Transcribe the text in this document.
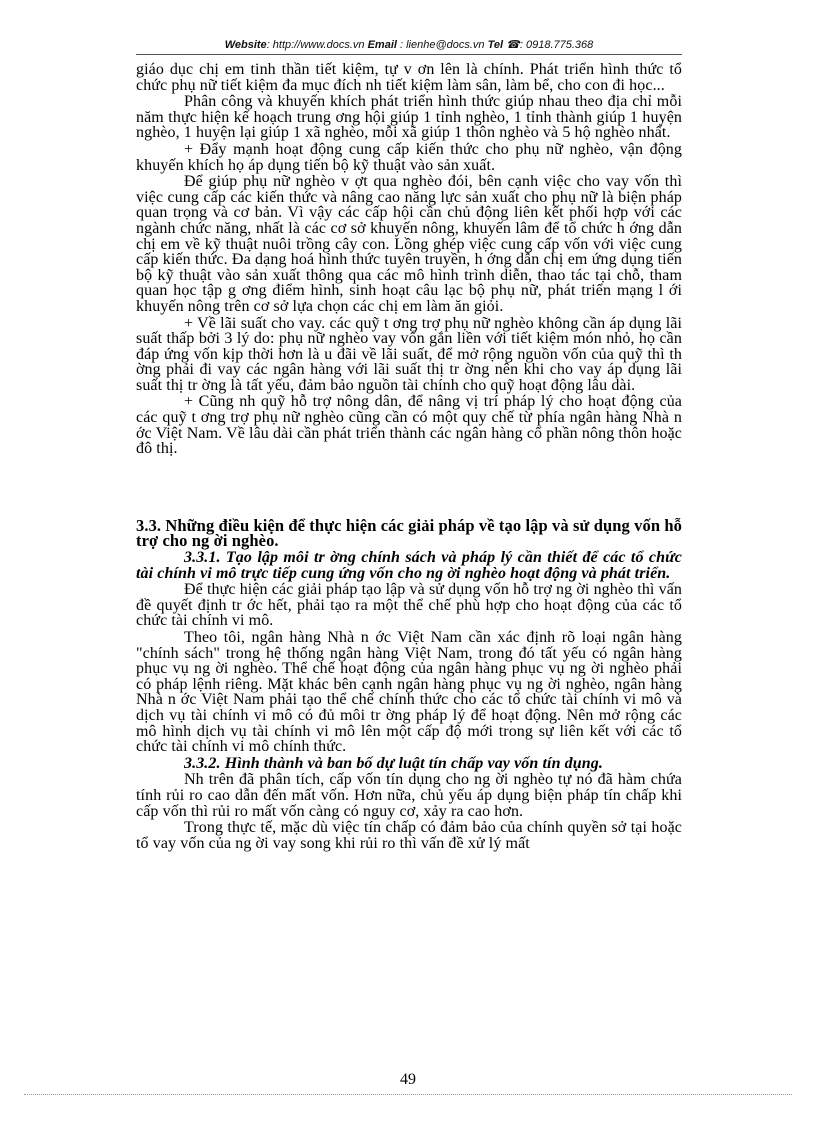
Website: http://www.docs.vn Email : lienhe@docs.vn Tel ☎: 0918.775.368

giáo dục chị em tinh thần tiết kiệm, tự v ơn lên là chính. Phát triển hình thức tổ chức phụ nữ tiết kiệm đa mục đích nh tiết kiệm làm sân, làm bể, cho con đi học...

Phân công và khuyến khích phát triển hình thức giúp nhau theo địa chỉ mỗi năm thực hiện kế hoạch trung ơng hội giúp 1 tỉnh nghèo, 1 tỉnh thành giúp 1 huyện nghèo, 1 huyện lại giúp 1 xã nghèo, mỗi xã giúp 1 thôn nghèo và 5 hộ nghèo nhất.

+ Đẩy mạnh hoạt động cung cấp kiến thức cho phụ nữ nghèo, vận động khuyến khích họ áp dụng tiến bộ kỹ thuật vào sản xuất.

Để giúp phụ nữ nghèo v ợt qua nghèo đói, bên cạnh việc cho vay vốn thì việc cung cấp các kiến thức và nâng cao năng lực sản xuất cho phụ nữ là biện pháp quan trọng và cơ bản. Vì vậy các cấp hội cần chủ động liên kết phối hợp với các ngành chức năng, nhất là các cơ sở khuyến nông, khuyến lâm để tổ chức h ớng dẫn chị em về kỹ thuật nuôi trồng cây con. Lồng ghép việc cung cấp vốn với việc cung cấp kiến thức. Đa dạng hoá hình thức tuyên truyền, h ớng dẫn chị em ứng dụng tiến bộ kỹ thuật vào sản xuất thông qua các mô hình trình diễn, thao tác tại chỗ, tham quan học tập g ơng điểm hình, sinh hoạt câu lạc bộ phụ nữ, phát triển mạng l ới khuyến nông trên cơ sở lựa chọn các chị em làm ăn giỏi.

+ Về lãi suất cho vay. các quỹ t ơng trợ phụ nữ nghèo không cần áp dụng lãi suất thấp bởi 3 lý do: phụ nữ nghèo vay vốn gắn liền với tiết kiệm món nhỏ, họ cần đáp ứng vốn kịp thời hơn là u đãi về lãi suất, để mở rộng nguồn vốn của quỹ thì th ờng phải đi vay các ngân hàng với lãi suất thị tr ờng nên khi cho vay áp dụng lãi suất thị tr ờng là tất yếu, đảm bảo nguồn tài chính cho quỹ hoạt động lâu dài.

+ Cũng nh quỹ hỗ trợ nông dân, để nâng vị trí pháp lý cho hoạt động của các quỹ t ơng trợ phụ nữ nghèo cũng cần có một quy chế từ phía ngân hàng Nhà n ớc Việt Nam. Về lâu dài cần phát triển thành các ngân hàng cổ phần nông thôn hoặc đô thị.

3.3. Những điều kiện để thực hiện các giải pháp về tạo lập và sử dụng vốn hỗ trợ cho ng ời nghèo.

3.3.1. Tạo lập môi tr ờng chính sách và pháp lý cần thiết để các tổ chức tài chính vi mô trực tiếp cung ứng vốn cho ng ời nghèo hoạt động và phát triển.

Để thực hiện các giải pháp tạo lập và sử dụng vốn hỗ trợ ng ời nghèo thì vấn đề quyết định tr ớc hết, phải tạo ra một thể chế phù hợp cho hoạt động của các tổ chức tài chính vi mô.

Theo tôi, ngân hàng Nhà n ớc Việt Nam cần xác định rõ loại ngân hàng "chính sách" trong hệ thống ngân hàng Việt Nam, trong đó tất yếu có ngân hàng phục vụ ng ời nghèo. Thể chế hoạt động của ngân hàng phục vụ ng ời nghèo phải có pháp lệnh riêng. Mặt khác bên cạnh ngân hàng phục vụ ng ời nghèo, ngân hàng Nhà n ớc Việt Nam phải tạo thể chế chính thức cho các tổ chức tài chính vi mô và dịch vụ tài chính vi mô có đủ môi tr ờng pháp lý để hoạt động. Nên mở rộng các mô hình dịch vụ tài chính vi mô lên một cấp độ mới trong sự liên kết với các tổ chức tài chính vi mô chính thức.

3.3.2. Hình thành và ban bố dự luật tín chấp vay vốn tín dụng.

Nh trên đã phân tích, cấp vốn tín dụng cho ng ời nghèo tự nó đã hàm chứa tính rủi ro cao dẫn đến mất vốn. Hơn nữa, chủ yếu áp dụng biện pháp tín chấp khi cấp vốn thì rủi ro mất vốn càng có nguy cơ, xảy ra cao hơn.

Trong thực tế, mặc dù việc tín chấp có đảm bảo của chính quyền sở tại hoặc tổ vay vốn của ng ời vay song khi rủi ro thì vấn đề xử lý mất

49
